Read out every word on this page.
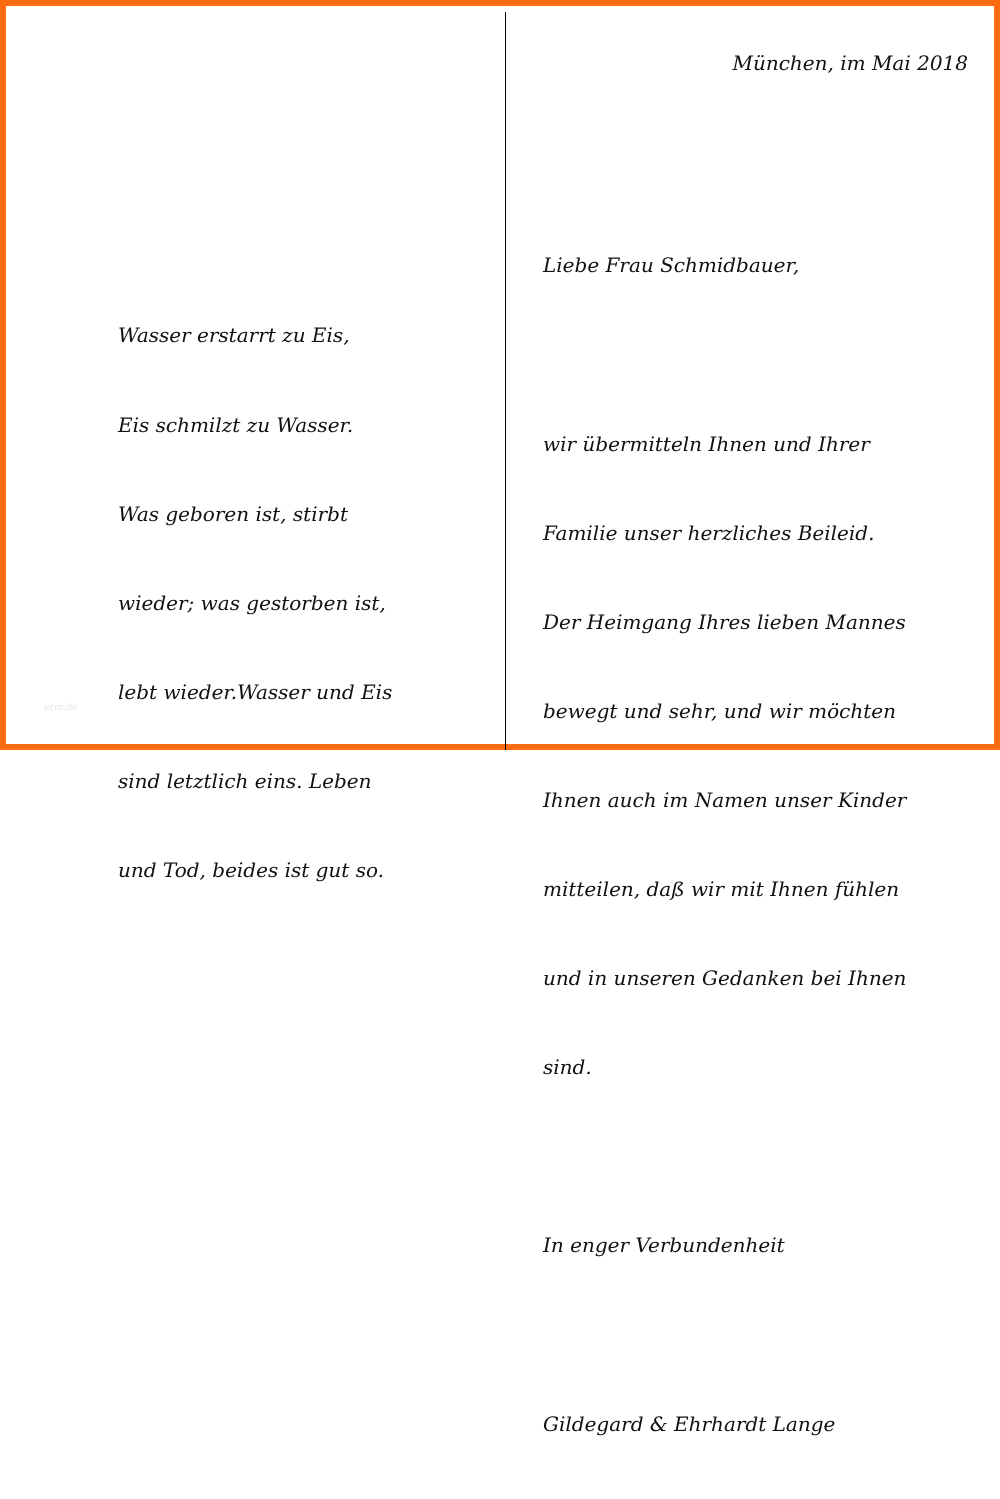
Wasser erstarrt zu Eis,

Eis schmilzt zu Wasser.

Was geboren ist, stirbt

wieder; was gestorben ist,

lebt wieder.Wasser und Eis

sind letztlich eins. Leben

und Tod, beides ist gut so.

ecro.de
München, im Mai 2018

Liebe Frau Schmidbauer,

wir übermitteln Ihnen und Ihrer

Familie unser herzliches Beileid.

Der Heimgang Ihres lieben Mannes

bewegt und sehr, und wir möchten

Ihnen auch im Namen unser Kinder

mitteilen, daß wir mit Ihnen fühlen

und in unseren Gedanken bei Ihnen

sind.

In enger Verbundenheit

Gildegard & Ehrhardt Lange
